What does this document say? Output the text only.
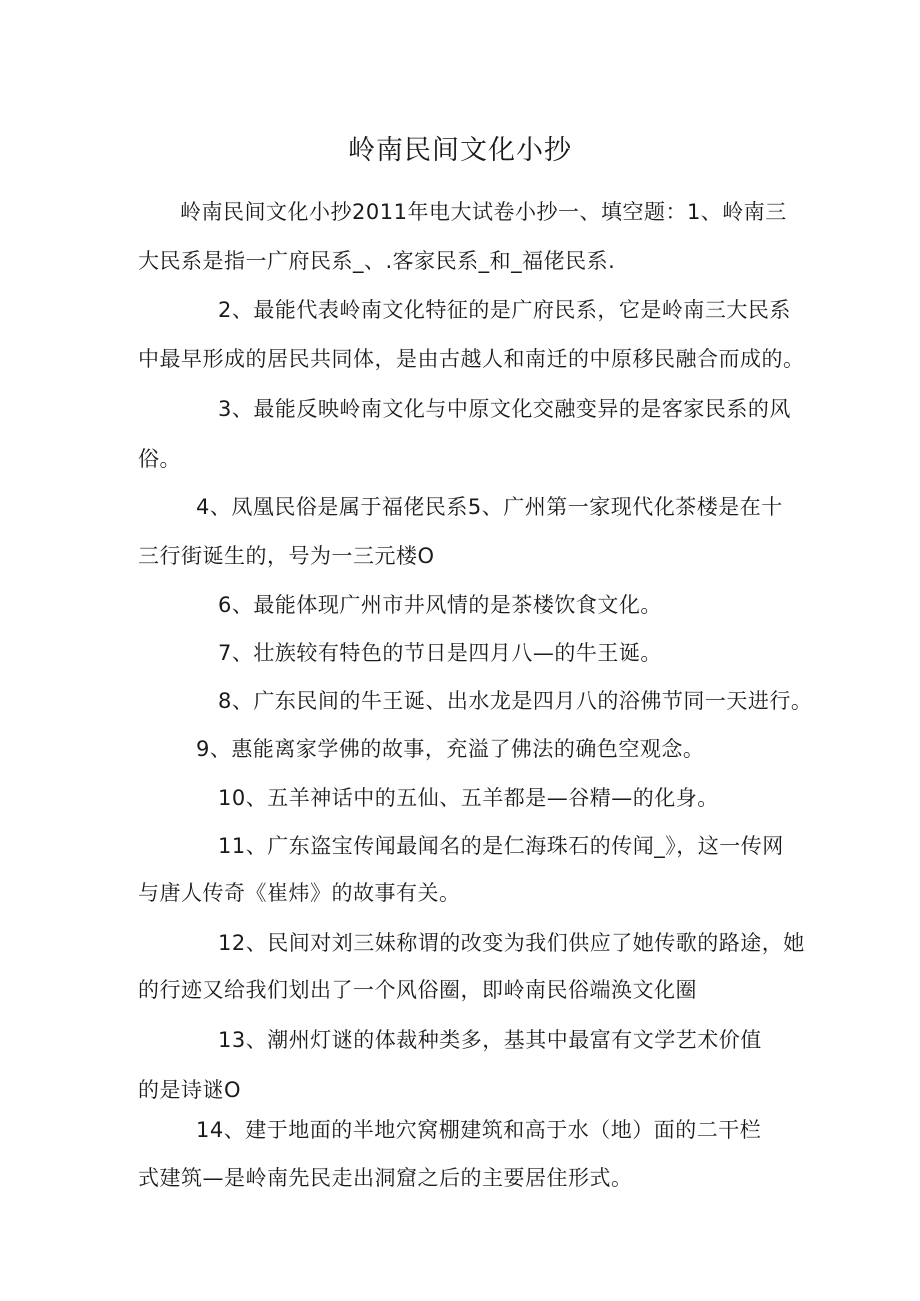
岭南民间文化小抄
岭南民间文化小抄2011年电大试卷小抄一、填空题：1、岭南三
大民系是指一广府民系_、.客家民系_和_福佬民系.
2、最能代表岭南文化特征的是广府民系，它是岭南三大民系
中最早形成的居民共同体，是由古越人和南迁的中原移民融合而成的。
3、最能反映岭南文化与中原文化交融变异的是客家民系的风
俗。
4、凤凰民俗是属于福佬民系5、广州第一家现代化茶楼是在十
三行街诞生的，号为一三元楼O
6、最能体现广州市井风情的是茶楼饮食文化。
7、壮族较有特色的节日是四月八—的牛王诞。
8、广东民间的牛王诞、出水龙是四月八的浴佛节同一天进行。
9、惠能离家学佛的故事，充溢了佛法的确色空观念。
10、五羊神话中的五仙、五羊都是—谷精—的化身。
11、广东盗宝传闻最闻名的是仁海珠石的传闻_》，这一传网
与唐人传奇《崔炜》的故事有关。
12、民间对刘三妹称谓的改变为我们供应了她传歌的路途，她
的行迹又给我们划出了一个风俗圈，即岭南民俗端涣文化圈
13、潮州灯谜的体裁种类多，基其中最富有文学艺术价值
的是诗谜O
14、建于地面的半地穴窝棚建筑和高于水（地）面的二干栏
式建筑—是岭南先民走出洞窟之后的主要居住形式。
